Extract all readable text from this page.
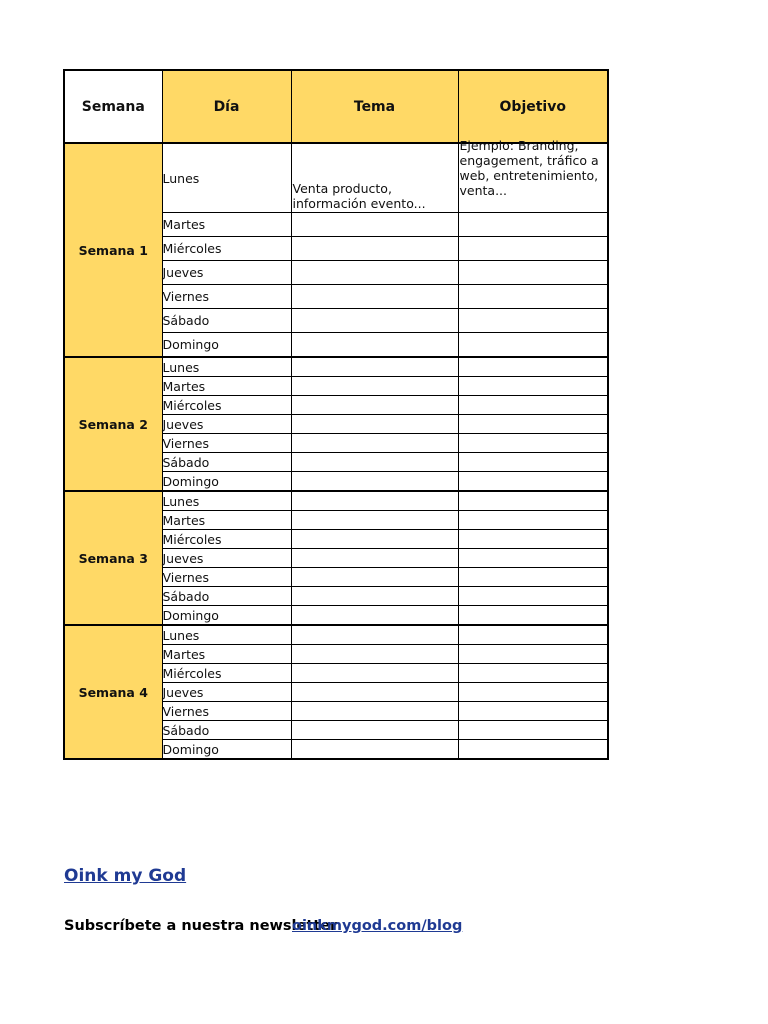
Semana	Día	Tema	Objetivo
Semana 1	Lunes	Venta producto, información evento...	Ejemplo: Branding, engagement, tráfico a web, entretenimiento, venta...

	Martes		
	Miércoles		
	Jueves		
	Viernes		
	Sábado		
	Domingo		
Semana 2	Lunes		
	Martes		
	Miércoles		
	Jueves		
	Viernes		
	Sábado		
	Domingo		
Semana 3	Lunes		
	Martes		
	Miércoles		
	Jueves		
	Viernes		
	Sábado		
	Domingo		
Semana 4	Lunes		
	Martes		
	Miércoles		
	Jueves		
	Viernes		
	Sábado		
	Domingo		
Oink my God
Subscríbete a nuestra newsletteroinkmygod.com/blog
